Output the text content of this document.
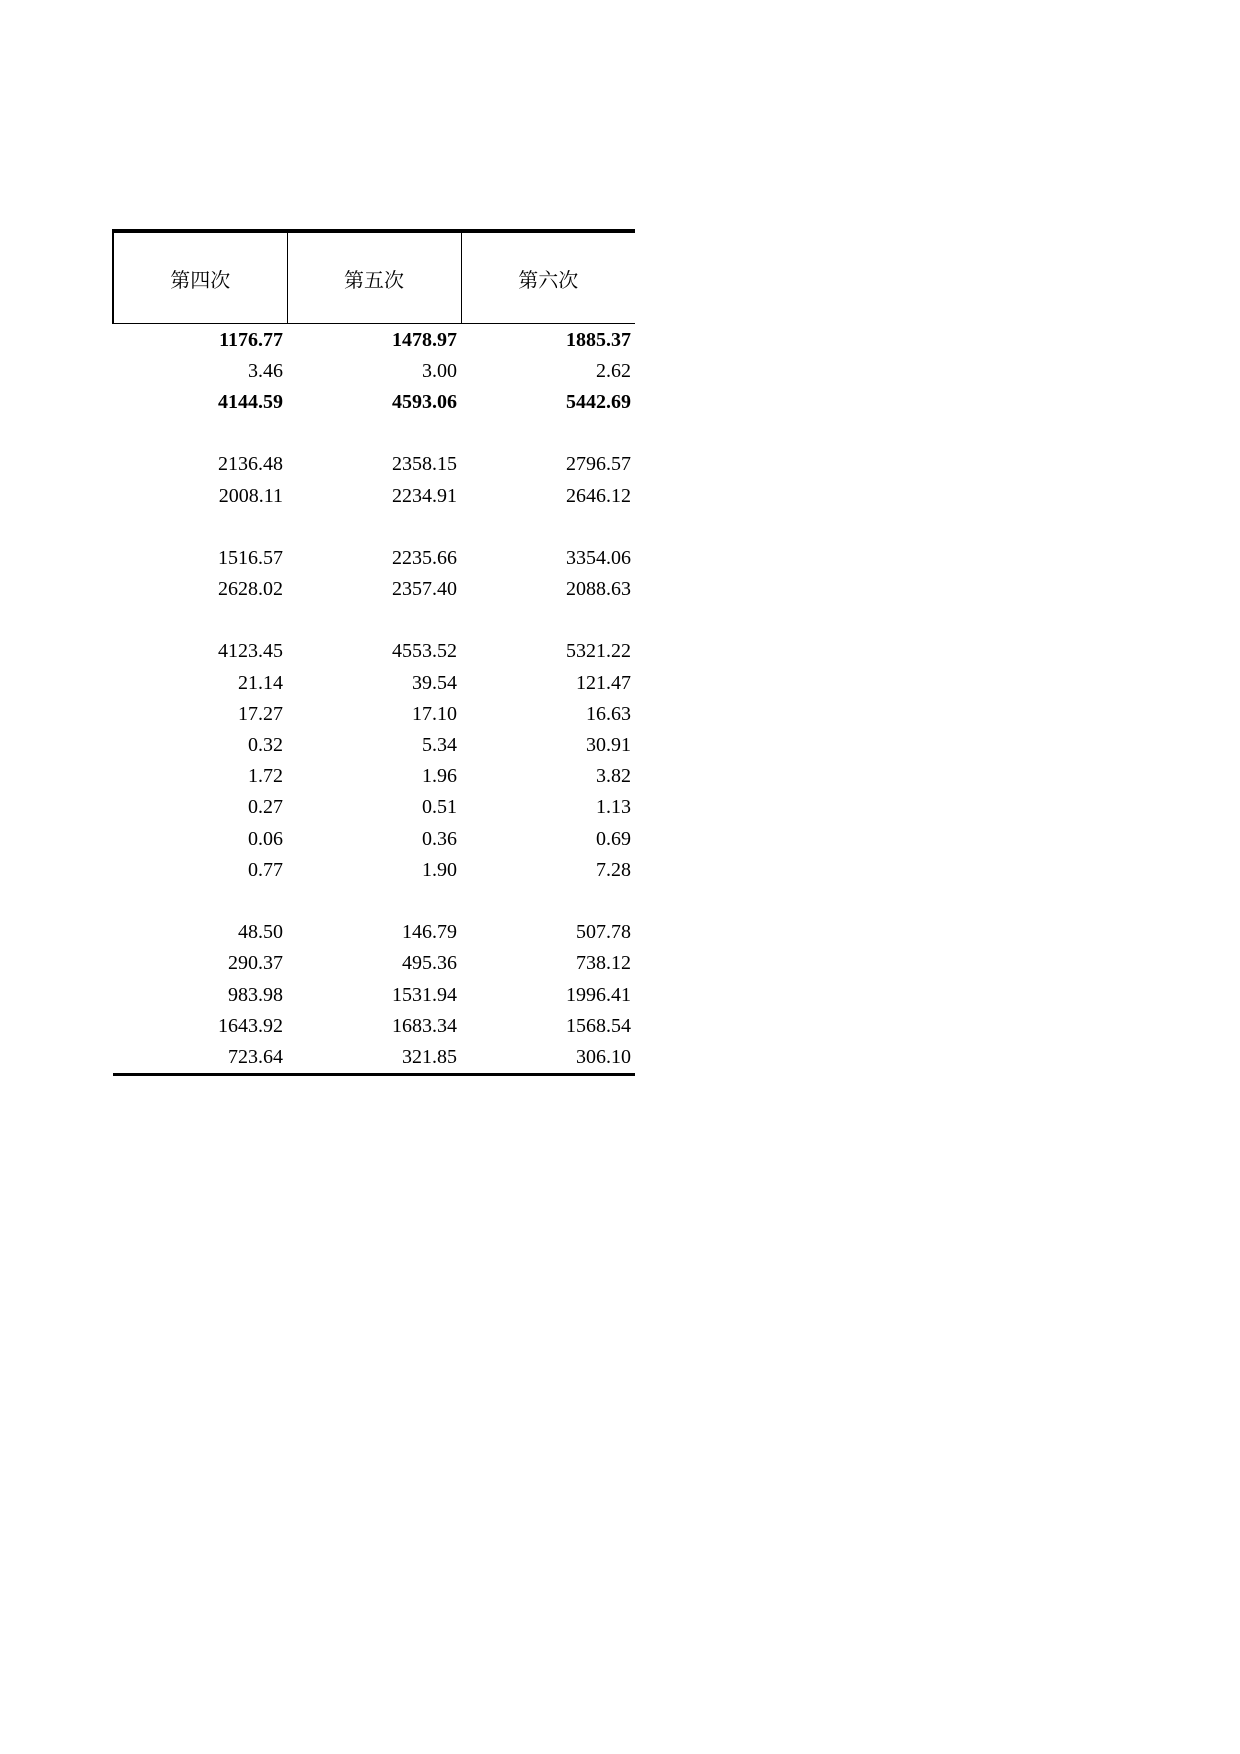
第四次	第五次	第六次
1176.77	1478.97	1885.37
3.46	3.00	2.62
4144.59	4593.06	5442.69

2136.48	2358.15	2796.57
2008.11	2234.91	2646.12

1516.57	2235.66	3354.06
2628.02	2357.40	2088.63

4123.45	4553.52	5321.22
21.14	39.54	121.47
17.27	17.10	16.63
0.32	5.34	30.91
1.72	1.96	3.82
0.27	0.51	1.13
0.06	0.36	0.69
0.77	1.90	7.28

48.50	146.79	507.78
290.37	495.36	738.12
983.98	1531.94	1996.41
1643.92	1683.34	1568.54
723.64	321.85	306.10
